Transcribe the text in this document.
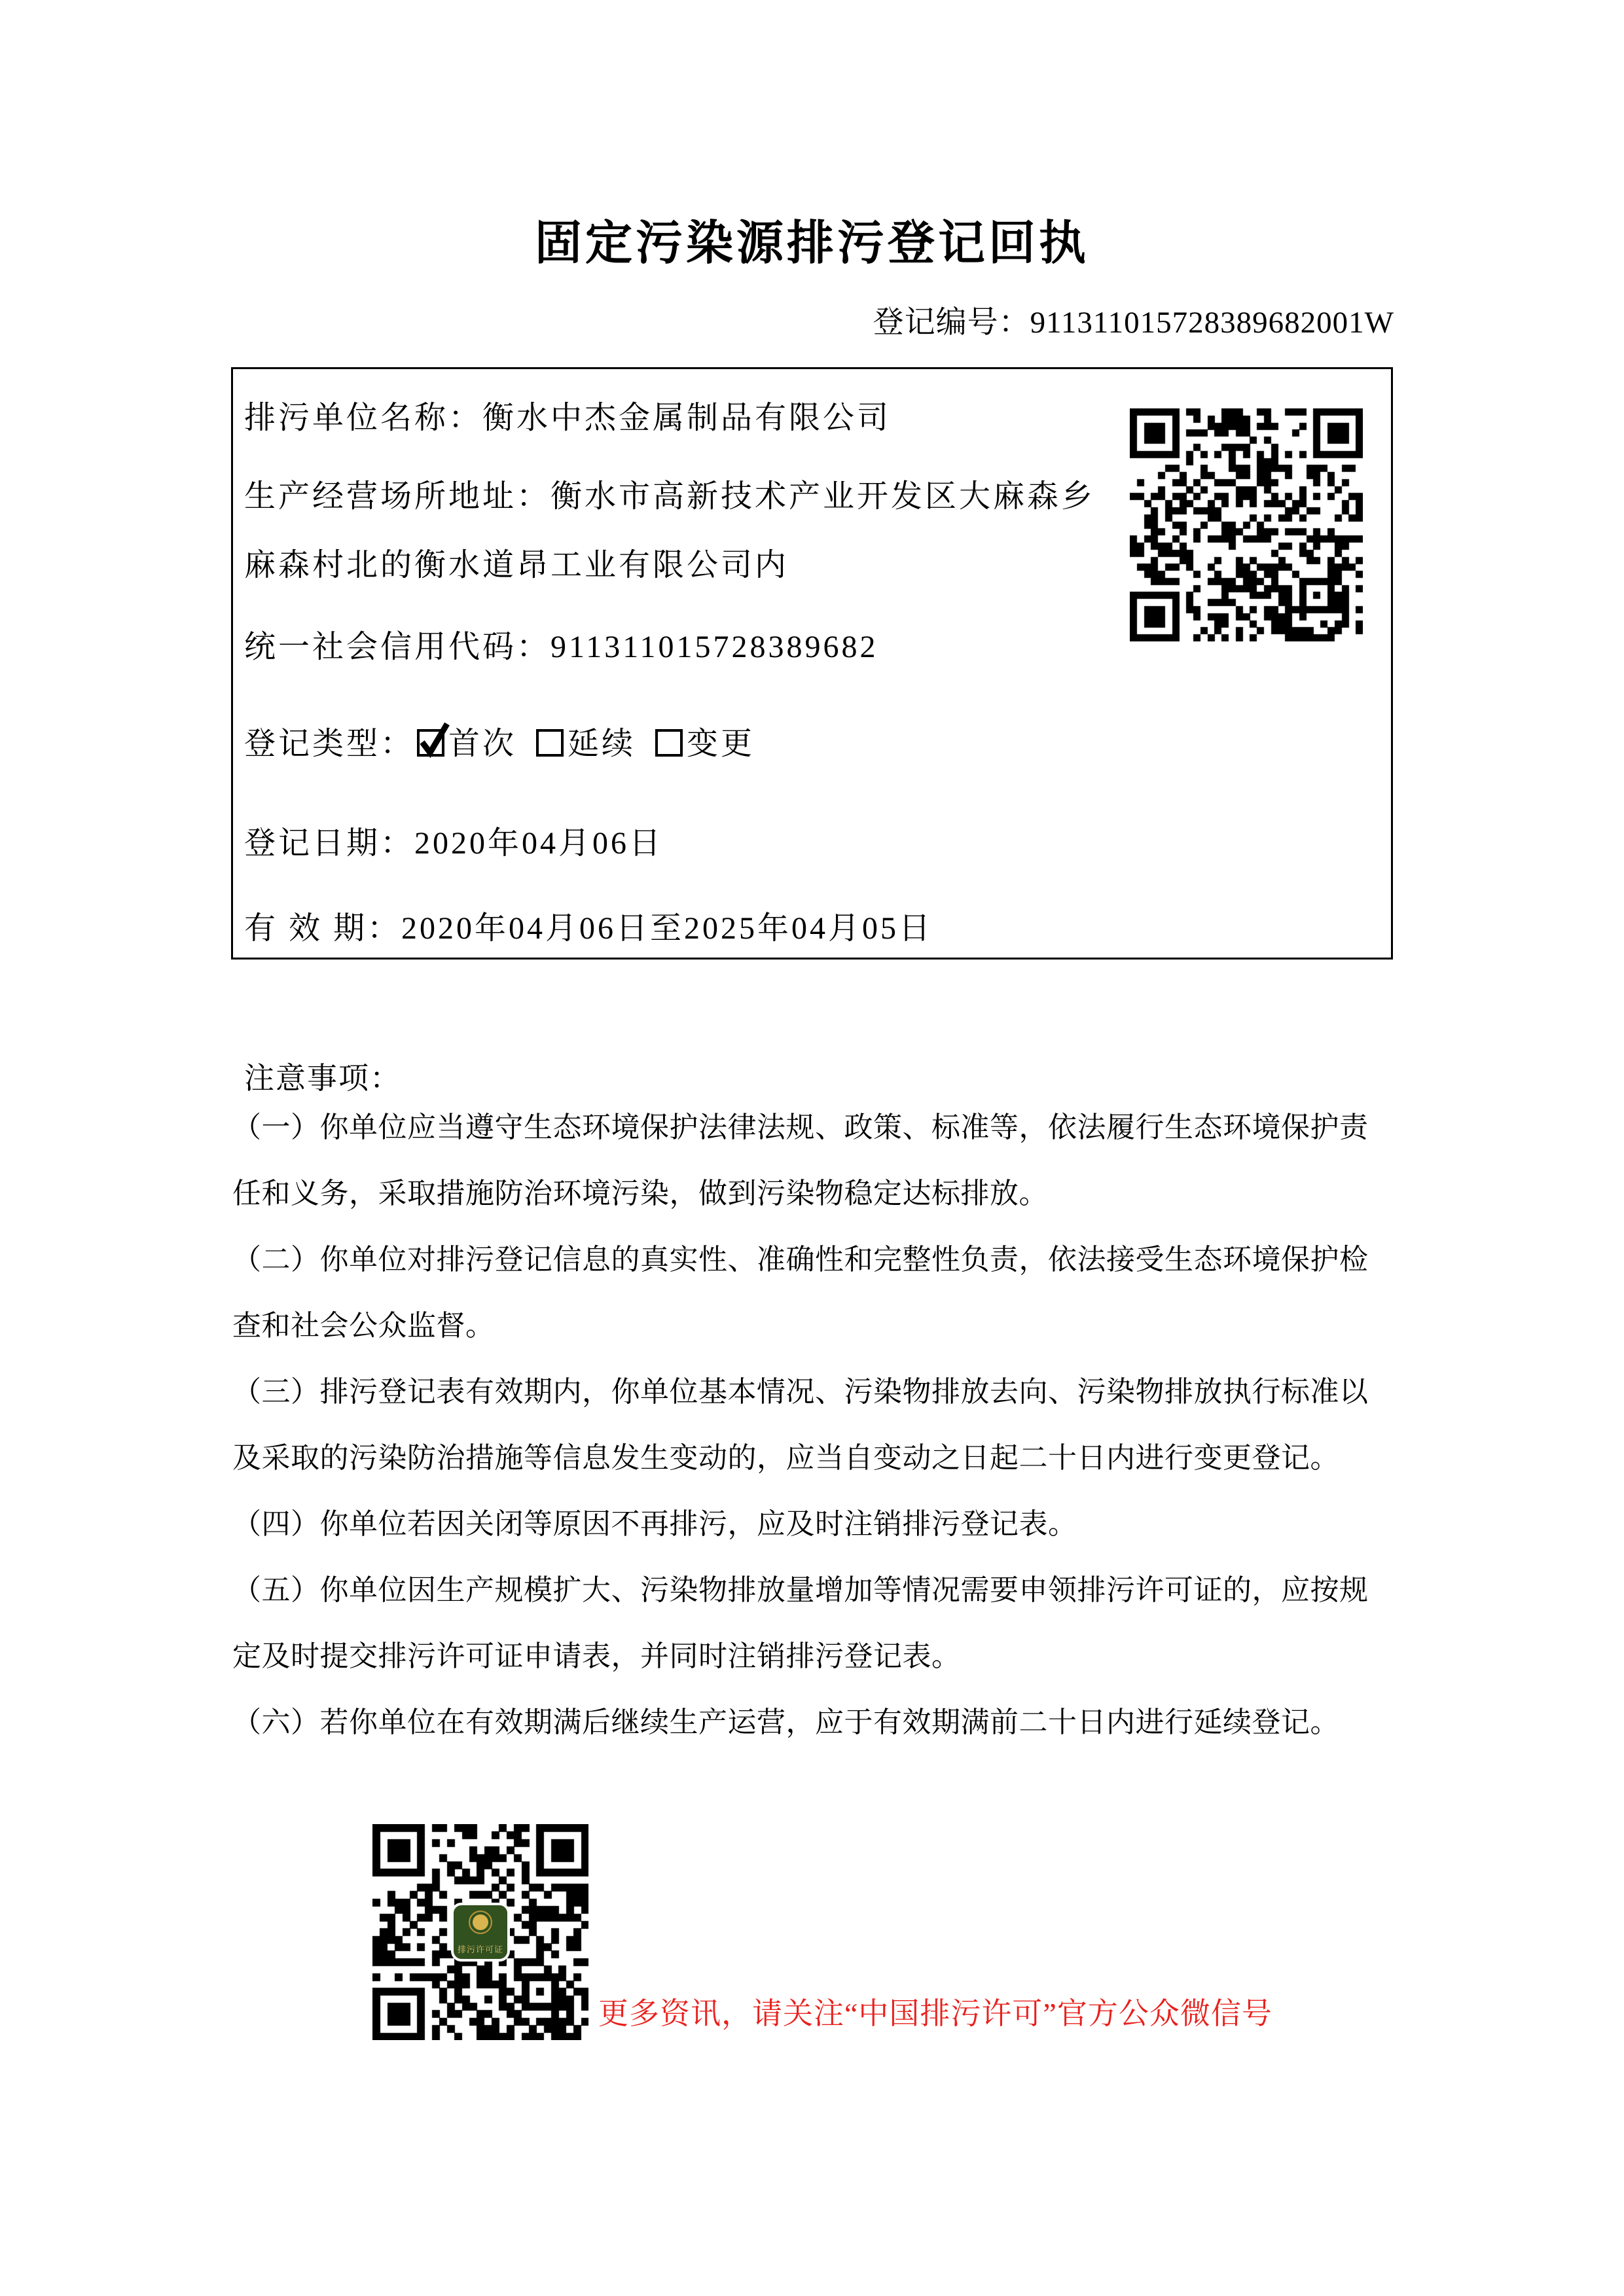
固定污染源排污登记回执
登记编号：911311015728389682001W
排污单位名称：衡水中杰金属制品有限公司
生产经营场所地址：衡水市高新技术产业开发区大麻森乡
麻森村北的衡水道昂工业有限公司内
统一社会信用代码：911311015728389682
登记类型： 首次 延续 变更
登记日期：2020年04月06日
有 效 期：2020年04月06日至2025年04月05日
注意事项：
（一）你单位应当遵守生态环境保护法律法规、政策、标准等，依法履行生态环境保护责
任和义务，采取措施防治环境污染，做到污染物稳定达标排放。
（二）你单位对排污登记信息的真实性、准确性和完整性负责，依法接受生态环境保护检
查和社会公众监督。
（三）排污登记表有效期内，你单位基本情况、污染物排放去向、污染物排放执行标准以
及采取的污染防治措施等信息发生变动的，应当自变动之日起二十日内进行变更登记。
（四）你单位若因关闭等原因不再排污，应及时注销排污登记表。
（五）你单位因生产规模扩大、污染物排放量增加等情况需要申领排污许可证的，应按规
定及时提交排污许可证申请表，并同时注销排污登记表。
（六）若你单位在有效期满后继续生产运营，应于有效期满前二十日内进行延续登记。
排污许可证
更多资讯，请关注“中国排污许可”官方公众微信号
